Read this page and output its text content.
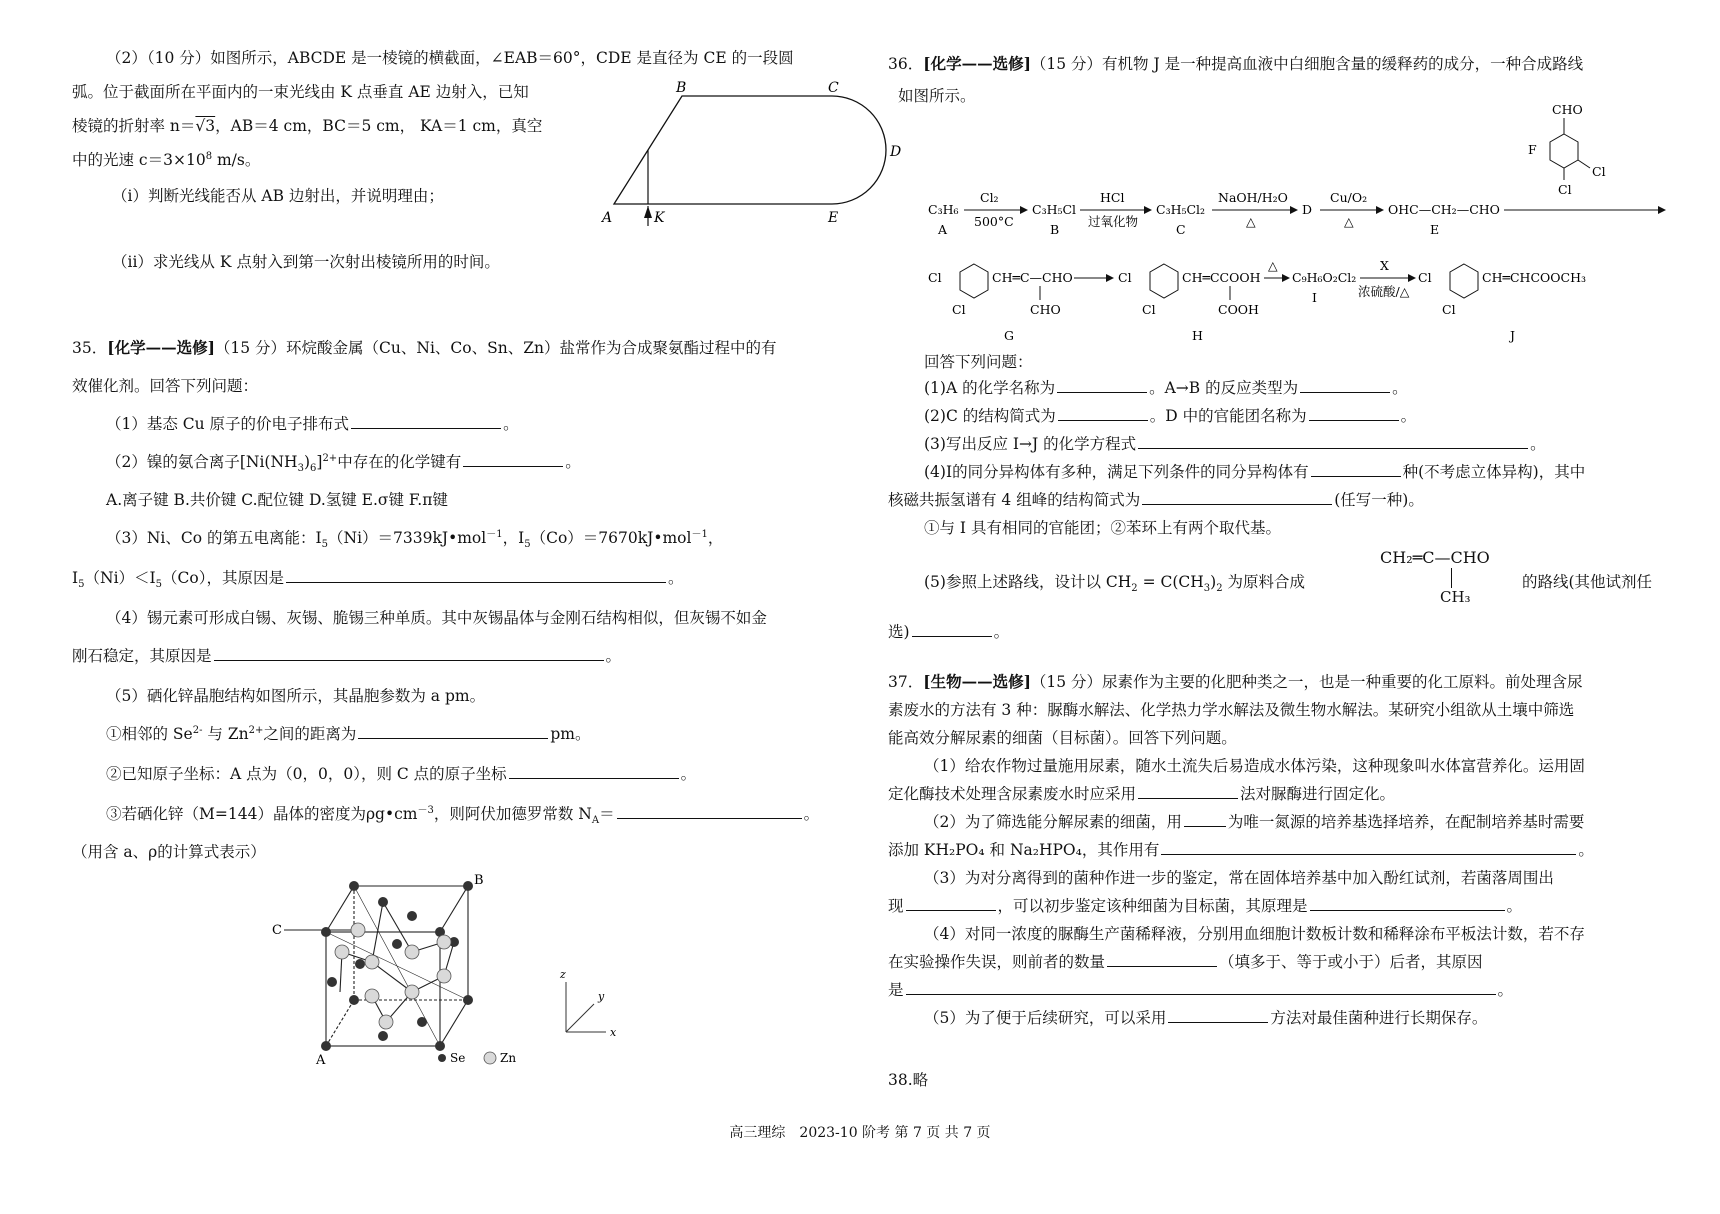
（2）（10 分）如图所示，ABCDE 是一棱镜的横截面，∠EAB＝60°，CDE 是直径为 CE 的一段圆

弧。位于截面所在平面内的一束光线由 K 点垂直 AE 边射入，已知

棱镜的折射率 n＝√3，AB＝4 cm，BC＝5 cm， KA＝1 cm，真空

中的光速 $c=3\times 10^8$ m/s。

（i）判断光线能否从 AB 边射出，并说明理由；

（ii）求光线从 K 点射入到第一次射出棱镜所用的时间。

A
B	C
D
K	E

35．[化学——选修]（15 分）环烷酸金属（Cu、Ni、Co、Sn、Zn）盐常作为合成聚氨酯过程中的有

效催化剂。回答下列问题：

（1）基态 Cu 原子的价电子排布式	。

（2）镍的氨合离子$[Ni(NH_3)_6]^{2+}$中存在的化学键有	。

A.离子键 B.共价键 C.配位键 D.氢键 E.σ键 F.π键

（3）Ni、Co 的第五电离能：$I_5(Ni)=7339kJ•mol^{-1}$，$I_5(Co)=7670kJ•mol^{-1}$，

$I_5(Ni)<I_5(Co)$，其原因是	。

（4）锡元素可形成白锡、灰锡、脆锡三种单质。其中灰锡晶体与金刚石结构相似，但灰锡不如金

刚石稳定，其原因是	。

（5）硒化锌晶胞结构如图所示，其晶胞参数为 a pm。

①相邻的 $Se^{2-}$ 与 $Zn^{2+}$之间的距离为	pm。

②已知原子坐标：A 点为（0，0，0），则 C 点的原子坐标	。

③若硒化锌（M=144）晶体的密度为$\rho g•cm^{-3}$，则阿伏加德罗常数 $N_A=$	。

（用含 a、ρ的计算式表示）

C
B
A	Se	Zn
z
y
x

36．[化学——选修]（15 分）有机物 J 是一种提高血液中白细胞含量的缓释药的成分，一种合成路线

如图所示。

C₃H₆
A
Cl₂
500°C
C₃H₅Cl
B
HCl
过氧化物
C₃H₅Cl₂
C
NaOH/H₂O
△
D
Cu/O₂
△
OHC—CH₂—CHO
E
CHO
F
Cl
Cl
Cl
Cl
CH═C—CHO
CHO
G
Cl
Cl
CH═CCOOH
COOH
H
△
C₉H₆O₂Cl₂
I
X
浓硫酸/△
Cl
Cl
CH═CHCOOCH₃
J

回答下列问题：

(1)A 的化学名称为	。A→B 的反应类型为	。

(2)C 的结构简式为	。D 中的官能团名称为	。

(3)写出反应 I→J 的化学方程式	。

(4)I的同分异构体有多种，满足下列条件的同分异构体有	种(不考虑立体异构)，其中

核磁共振氢谱有 4 组峰的结构简式为	(任写一种)。

①与 I 具有相同的官能团；②苯环上有两个取代基。

(5)参照上述路线，设计以 $CH_2 = C(CH_3)_2$ 为原料合成
CH₂═C—CHO
CH₃
的路线(其他试剂任

选)	。

37．[生物——选修]（15 分）尿素作为主要的化肥种类之一，也是一种重要的化工原料。前处理含尿

素废水的方法有 3 种：脲酶水解法、化学热力学水解法及微生物水解法。某研究小组欲从土壤中筛选

能高效分解尿素的细菌（目标菌）。回答下列问题。

（1）给农作物过量施用尿素，随水土流失后易造成水体污染，这种现象叫水体富营养化。运用固

定化酶技术处理含尿素废水时应采用	法对脲酶进行固定化。

（2）为了筛选能分解尿素的细菌，用	为唯一氮源的培养基选择培养，在配制培养基时需要

添加 KH₂PO₄ 和 Na₂HPO₄，其作用有	。

（3）为对分离得到的菌种作进一步的鉴定，常在固体培养基中加入酚红试剂，若菌落周围出

现	，可以初步鉴定该种细菌为目标菌，其原理是	。

（4）对同一浓度的脲酶生产菌稀释液，分别用血细胞计数板计数和稀释涂布平板法计数，若不存

在实验操作失误，则前者的数量	（填多于、等于或小于）后者，其原因

是	。

（5）为了便于后续研究，可以采用	方法对最佳菌种进行长期保存。

38.略

高三理综　2023-10 阶考 第 7 页 共 7 页
